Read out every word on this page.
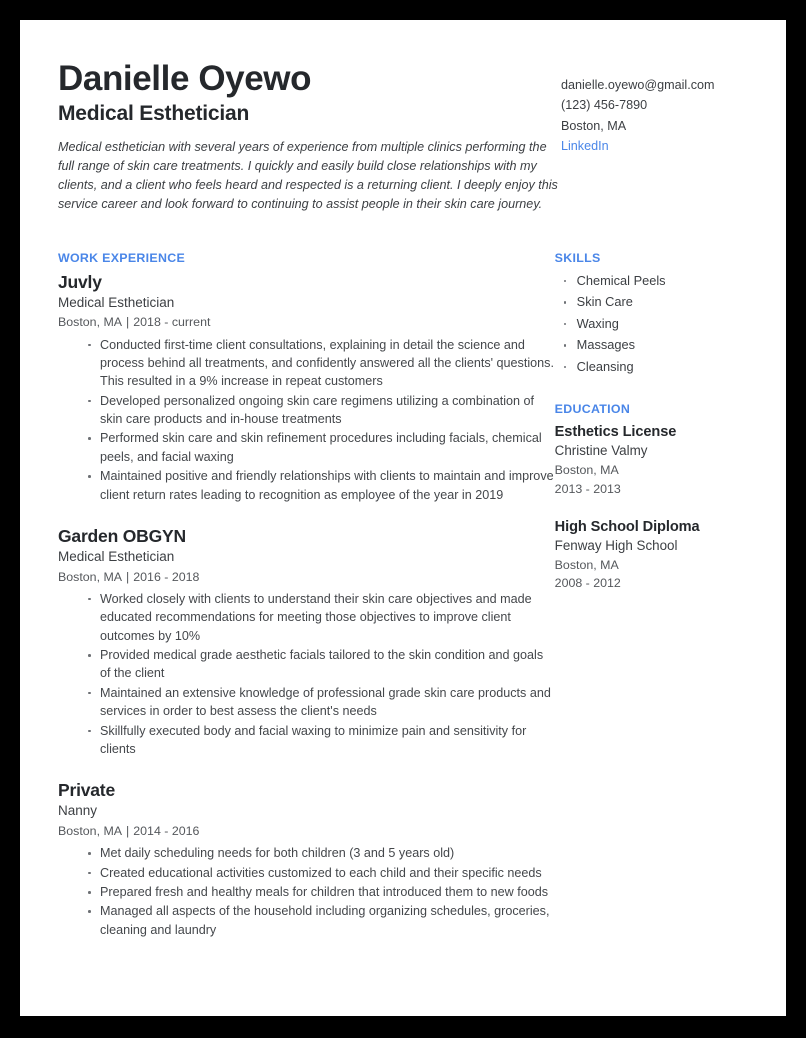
Danielle Oyewo
Medical Esthetician
Medical esthetician with several years of experience from multiple clinics performing the full range of skin care treatments. I quickly and easily build close relationships with my clients, and a client who feels heard and respected is a returning client. I deeply enjoy this service career and look forward to continuing to assist people in their skin care journey.
danielle.oyewo@gmail.com
(123) 456-7890
Boston, MA
LinkedIn
WORK EXPERIENCE
Juvly
Medical Esthetician
Boston, MA | 2018 - current
Conducted first-time client consultations, explaining in detail the science and process behind all treatments, and confidently answered all the clients' questions. This resulted in a 9% increase in repeat customers
Developed personalized ongoing skin care regimens utilizing a combination of skin care products and in-house treatments
Performed skin care and skin refinement procedures including facials, chemical peels, and facial waxing
Maintained positive and friendly relationships with clients to maintain and improve client return rates leading to recognition as employee of the year in 2019
Garden OBGYN
Medical Esthetician
Boston, MA | 2016 - 2018
Worked closely with clients to understand their skin care objectives and made educated recommendations for meeting those objectives to improve client outcomes by 10%
Provided medical grade aesthetic facials tailored to the skin condition and goals of the client
Maintained an extensive knowledge of professional grade skin care products and services in order to best assess the client's needs
Skillfully executed body and facial waxing to minimize pain and sensitivity for clients
Private
Nanny
Boston, MA | 2014 - 2016
Met daily scheduling needs for both children (3 and 5 years old)
Created educational activities customized to each child and their specific needs
Prepared fresh and healthy meals for children that introduced them to new foods
Managed all aspects of the household including organizing schedules, groceries, cleaning and laundry
SKILLS
Chemical Peels
Skin Care
Waxing
Massages
Cleansing
EDUCATION
Esthetics License
Christine Valmy
Boston, MA
2013 - 2013
High School Diploma
Fenway High School
Boston, MA
2008 - 2012
